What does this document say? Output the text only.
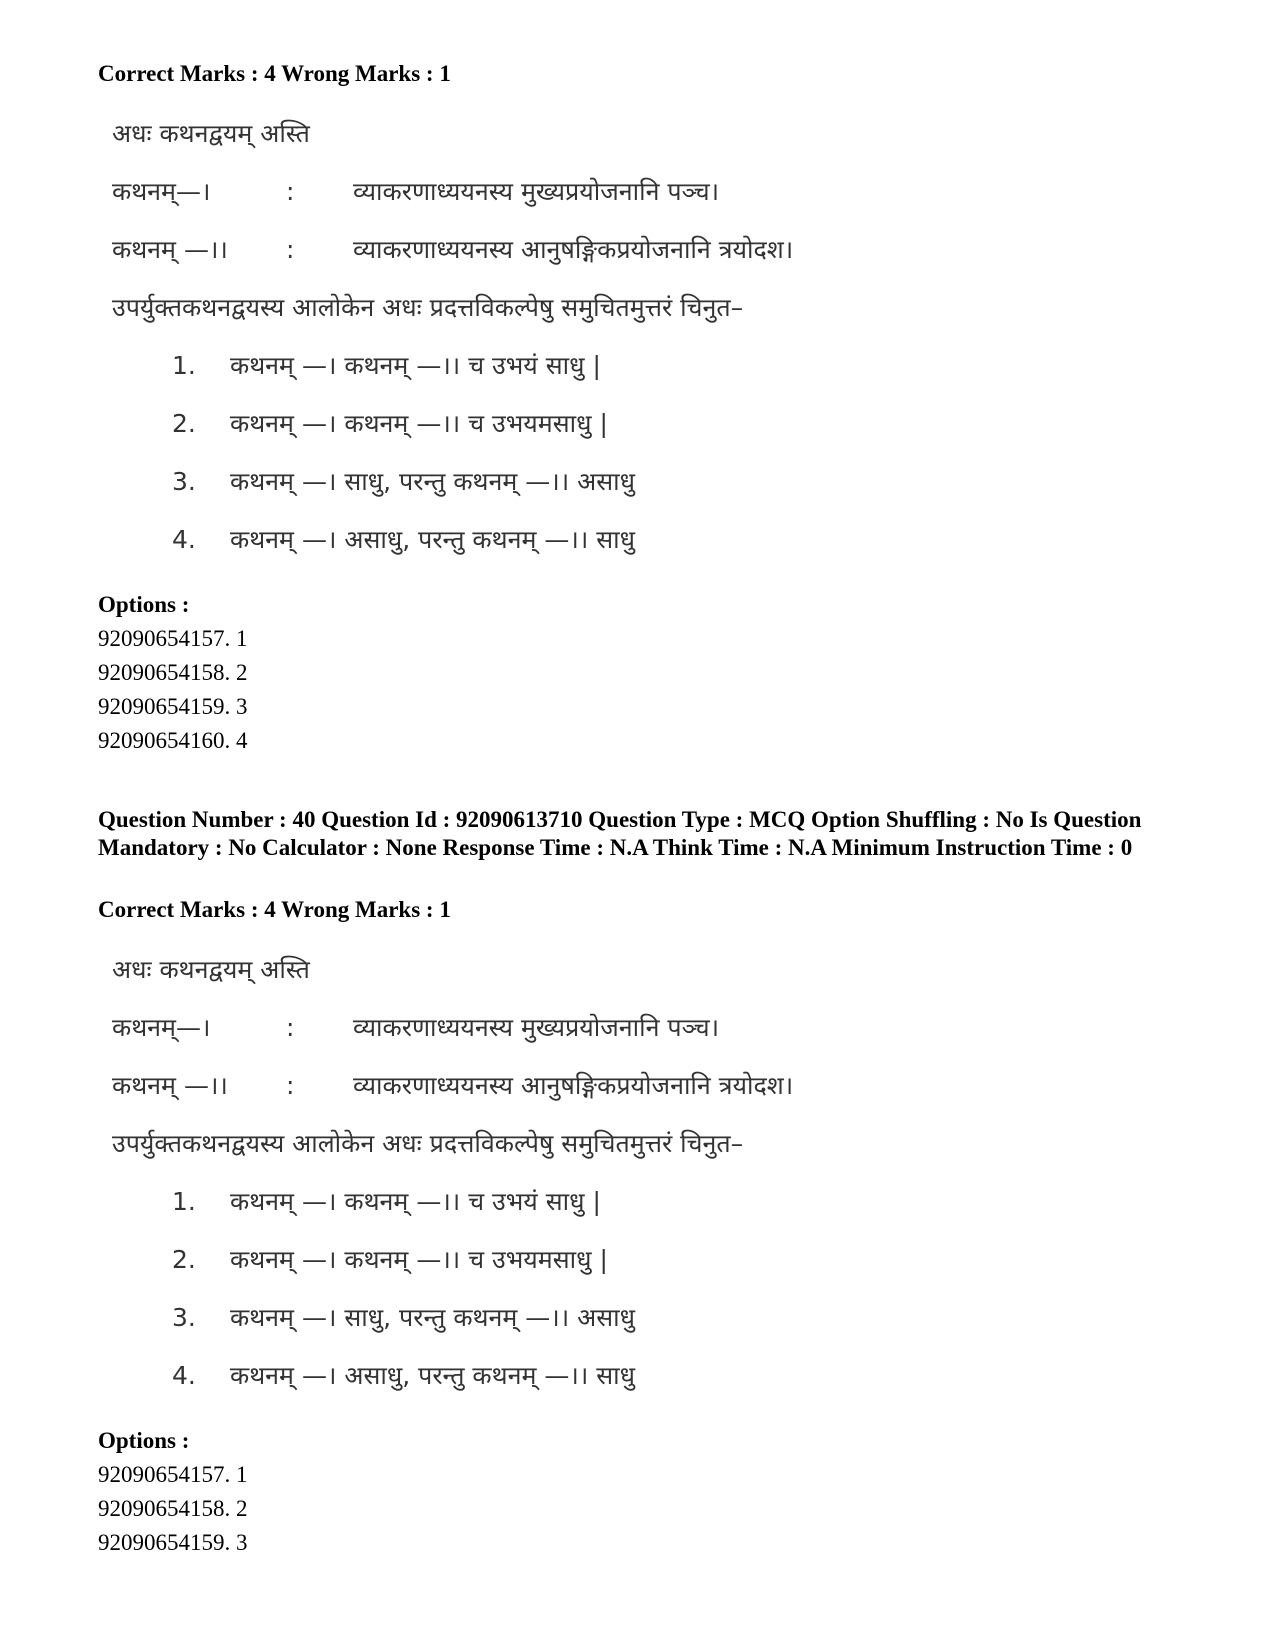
Correct Marks : 4 Wrong Marks : 1
अधः कथनद्वयम् अस्ति
कथनम्—।	: व्याकरणाध्ययनस्य मुख्यप्रयोजनानि पञ्च।
कथनम् —।। : व्याकरणाध्ययनस्य आनुषङ्गिकप्रयोजनानि त्रयोदश।
उपर्युक्तकथनद्वयस्य आलोकेन अधः प्रदत्तविकल्पेषु समुचितमुत्तरं चिनुत–
1. कथनम् —। कथनम् —।। च उभयं साधु |
2. कथनम् —। कथनम् —।। च उभयमसाधु |
3. कथनम् —। साधु, परन्तु कथनम् —।। असाधु
4. कथनम् —। असाधु, परन्तु कथनम् —।। साधु
Options :
92090654157. 1
92090654158. 2
92090654159. 3
92090654160. 4
Question Number : 40 Question Id : 92090613710 Question Type : MCQ Option Shuffling : No Is Question Mandatory : No Calculator : None Response Time : N.A Think Time : N.A Minimum Instruction Time : 0
Correct Marks : 4 Wrong Marks : 1
अधः कथनद्वयम् अस्ति
कथनम्—।	: व्याकरणाध्ययनस्य मुख्यप्रयोजनानि पञ्च।
कथनम् —।। : व्याकरणाध्ययनस्य आनुषङ्गिकप्रयोजनानि त्रयोदश।
उपर्युक्तकथनद्वयस्य आलोकेन अधः प्रदत्तविकल्पेषु समुचितमुत्तरं चिनुत–
1. कथनम् —। कथनम् —।। च उभयं साधु |
2. कथनम् —। कथनम् —।। च उभयमसाधु |
3. कथनम् —। साधु, परन्तु कथनम् —।। असाधु
4. कथनम् —। असाधु, परन्तु कथनम् —।। साधु
Options :
92090654157. 1
92090654158. 2
92090654159. 3
